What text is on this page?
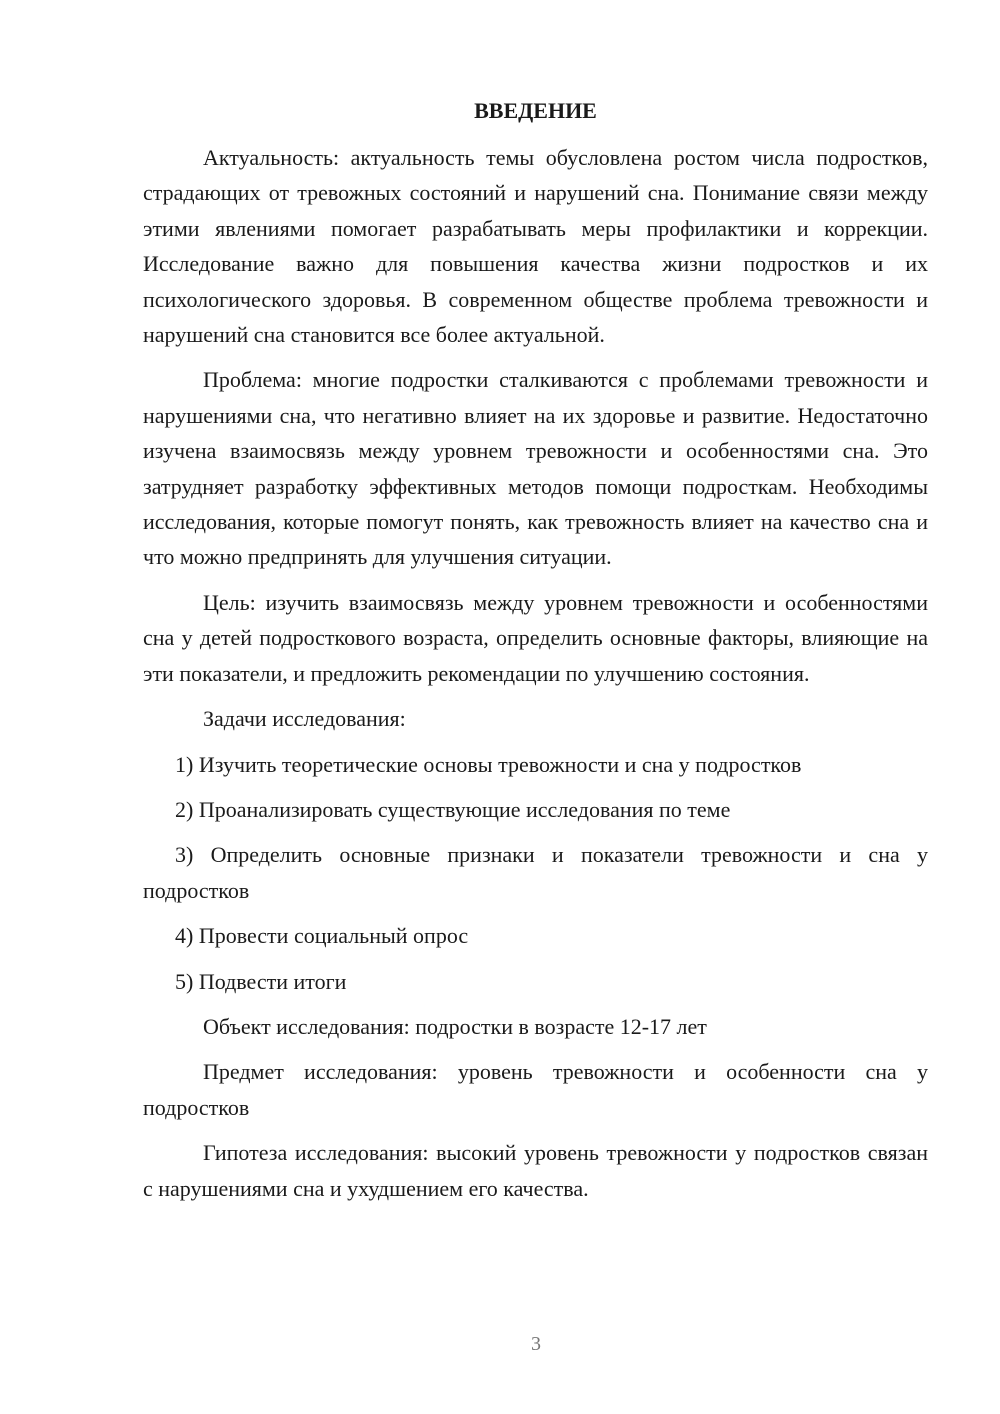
ВВЕДЕНИЕ

Актуальность: актуальность темы обусловлена ростом числа подростков, страдающих от тревожных состояний и нарушений сна. Понимание связи между этими явлениями помогает разрабатывать меры профилактики и коррекции. Исследование важно для повышения качества жизни подростков и их психологического здоровья. В современном обществе проблема тревожности и нарушений сна становится все более актуальной.

Проблема: многие подростки сталкиваются с проблемами тревожности и нарушениями сна, что негативно влияет на их здоровье и развитие. Недостаточно изучена взаимосвязь между уровнем тревожности и особенностями сна. Это затрудняет разработку эффективных методов помощи подросткам. Необходимы исследования, которые помогут понять, как тревожность влияет на качество сна и что можно предпринять для улучшения ситуации.

Цель: изучить взаимосвязь между уровнем тревожности и особенностями сна у детей подросткового возраста, определить основные факторы, влияющие на эти показатели, и предложить рекомендации по улучшению состояния.

Задачи исследования:

1) Изучить теоретические основы тревожности и сна у подростков

2) Проанализировать существующие исследования по теме

3) Определить основные признаки и показатели тревожности и сна у подростков

4) Провести социальный опрос

5) Подвести итоги

Объект исследования: подростки в возрасте 12-17 лет

Предмет исследования: уровень тревожности и особенности сна у подростков

Гипотеза исследования: высокий уровень тревожности у подростков связан с нарушениями сна и ухудшением его качества.

3
